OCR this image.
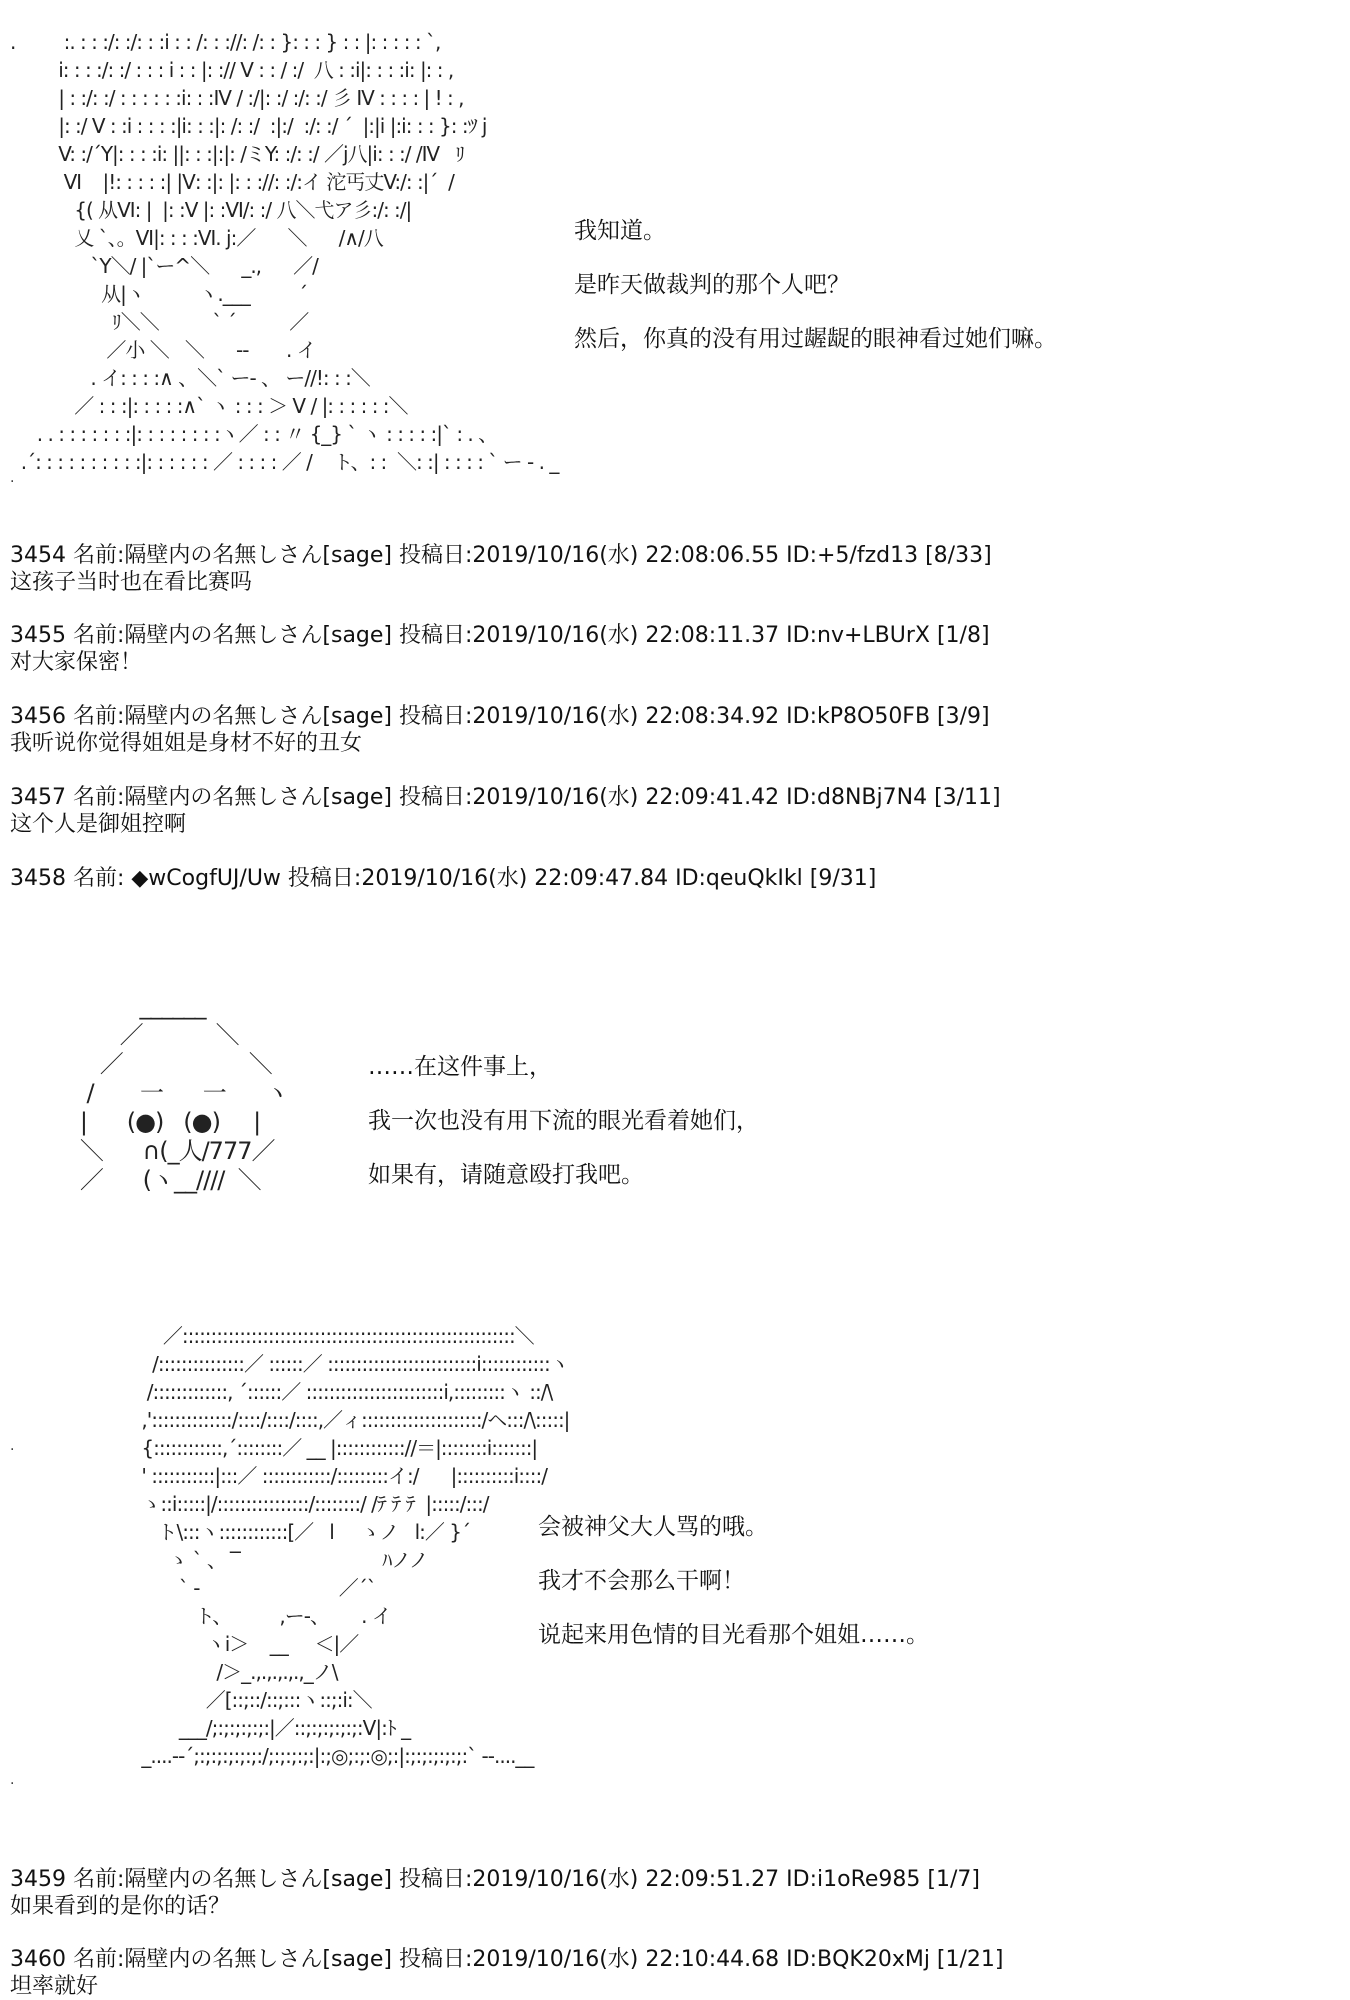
.         :. : : :/: :/: : :i : : /: : ://: /: : }: : : } : : |: : : : : `,
i: : : :/: :/ : : : i : : |: :// V : : / :/  八 : :i|: : : :i: |: : ,
| : :/: :/ : : : : : :i: : :Ⅳ / :/|: :/ :/: :/ 彡 Ⅳ : : : : | ! : ,
|: :/ V : :i : : : :|i: : :|: /: :/  :|:/  :/: :/ ´  |:|i |:i: : : }: :ﾂ j
V: :/´Y|: : : :i: ||: : :|:|: /ミY: :/: :/ ／j八|i: : :/ /Ⅳ   ﾘ
Ⅵ    |!: : : : :| |Ⅴ: :|: |: : ://: :/:イ 沱丐丈V:/: :|´  /
{( 从Ⅵ: |  |: :V |: :Ⅵ/: :/ 八＼弋ア彡:/: :/|
乂 `、。Ⅵ|: : : :Ⅵ. j:／      ＼      /∧/八
`Y＼/ |`ー^＼      _.,      ／/
从|ヽ          ヽ.___         ´
ﾘ＼＼          ` ´          ／
／小 ＼   ＼      --       . イ
. イ: : : :∧ 、＼` ー- 、 ー//!: : :＼
／ : : :|: : : : :∧` ヽ : : : ＞ V / |: : : : : :＼
. . : : : : : : :|: : : : : : : :ヽ／ : : 〃 {_} ` ヽ : : : : :|` : . 、
.´: : : : : : : : : :|: : : : : : ／ : : : : ／ /    ト、: :  ＼: :| : : : : ` ー - . _
.
我知道。
是昨天做裁判的那个人吧？
然后，你真的没有用过龌龊的眼神看过她们嘛。
3454 名前:隔壁内の名無しさん[sage] 投稿日:2019/10/16(水) 22:08:06.55 ID:+5/fzd13 [8/33]
这孩子当时也在看比赛吗
3455 名前:隔壁内の名無しさん[sage] 投稿日:2019/10/16(水) 22:08:11.37 ID:nv+LBUrX [1/8]
对大家保密！
3456 名前:隔壁内の名無しさん[sage] 投稿日:2019/10/16(水) 22:08:34.92 ID:kP8O50FB [3/9]
我听说你觉得姐姐是身材不好的丑女
3457 名前:隔壁内の名無しさん[sage] 投稿日:2019/10/16(水) 22:09:41.42 ID:d8NBj7N4 [3/11]
这个人是御姐控啊
3458 名前: ◆wCogfUJ/Uw 投稿日:2019/10/16(水) 22:09:47.84 ID:qeuQkIkl [9/31]
______
／           ＼
／                   ＼
/       一      一      ヽ
|      (●)   (●)     |
＼      ∩(_人/777／
／      (ヽ__////  ＼
……在这件事上，
我一次也没有用下流的眼光看着她们，
如果有，请随意殴打我吧。
／::::::::::::::::::::::::::::::::::::::::::::::::::::::::::＼
/:::::::::::::::／ ::::::／ ::::::::::::::::::::::::::i::::::::::::ヽ
/:::::::::::::, ´::::::／ ::::::::::::::::::::::::i,:::::::::ヽ ::/\
,'::::::::::::::/::::/::::/::::,／ィ:::::::::::::::::::::/ヘ:::/\:::::|
{::::::::::::,´::::::::／ __ |:::::::::::://＝|::::::::i:::::::|
' :::::::::::|:::／ ::::::::::::/:::::::::イ:/      |::::::::::i::::/
ゝ::i:::::|/::::::::::::::::/::::::::/ /ﾃ ﾃ ﾃ  |:::::/:::/
ト\:::ヽ::::::::::::[／   l     ゝノ   l:／ }´
ゝ ` 、  ̄ ̄          　　　　  ﾊノノ
` -                          ／´`
ト、         ,ー-、      . イ
ヽi＞    __     ＜|／
/＞_.,.,.,.,.,_ノ\
／[::;::/::;:::ヽ::;:i:＼
___/;:;:;:;:;:|／::;:;:;:;:;:Ⅴ|:ﾄ _
_....--´;:;:;:;:;:;:/;:;:;:;:|:;◎;:;:◎;:|:;:;:;:;:;:` --....__
.
.
会被神父大人骂的哦。
我才不会那么干啊！
说起来用色情的目光看那个姐姐……。
3459 名前:隔壁内の名無しさん[sage] 投稿日:2019/10/16(水) 22:09:51.27 ID:i1oRe985 [1/7]
如果看到的是你的话？
3460 名前:隔壁内の名無しさん[sage] 投稿日:2019/10/16(水) 22:10:44.68 ID:BQK20xMj [1/21]
坦率就好
